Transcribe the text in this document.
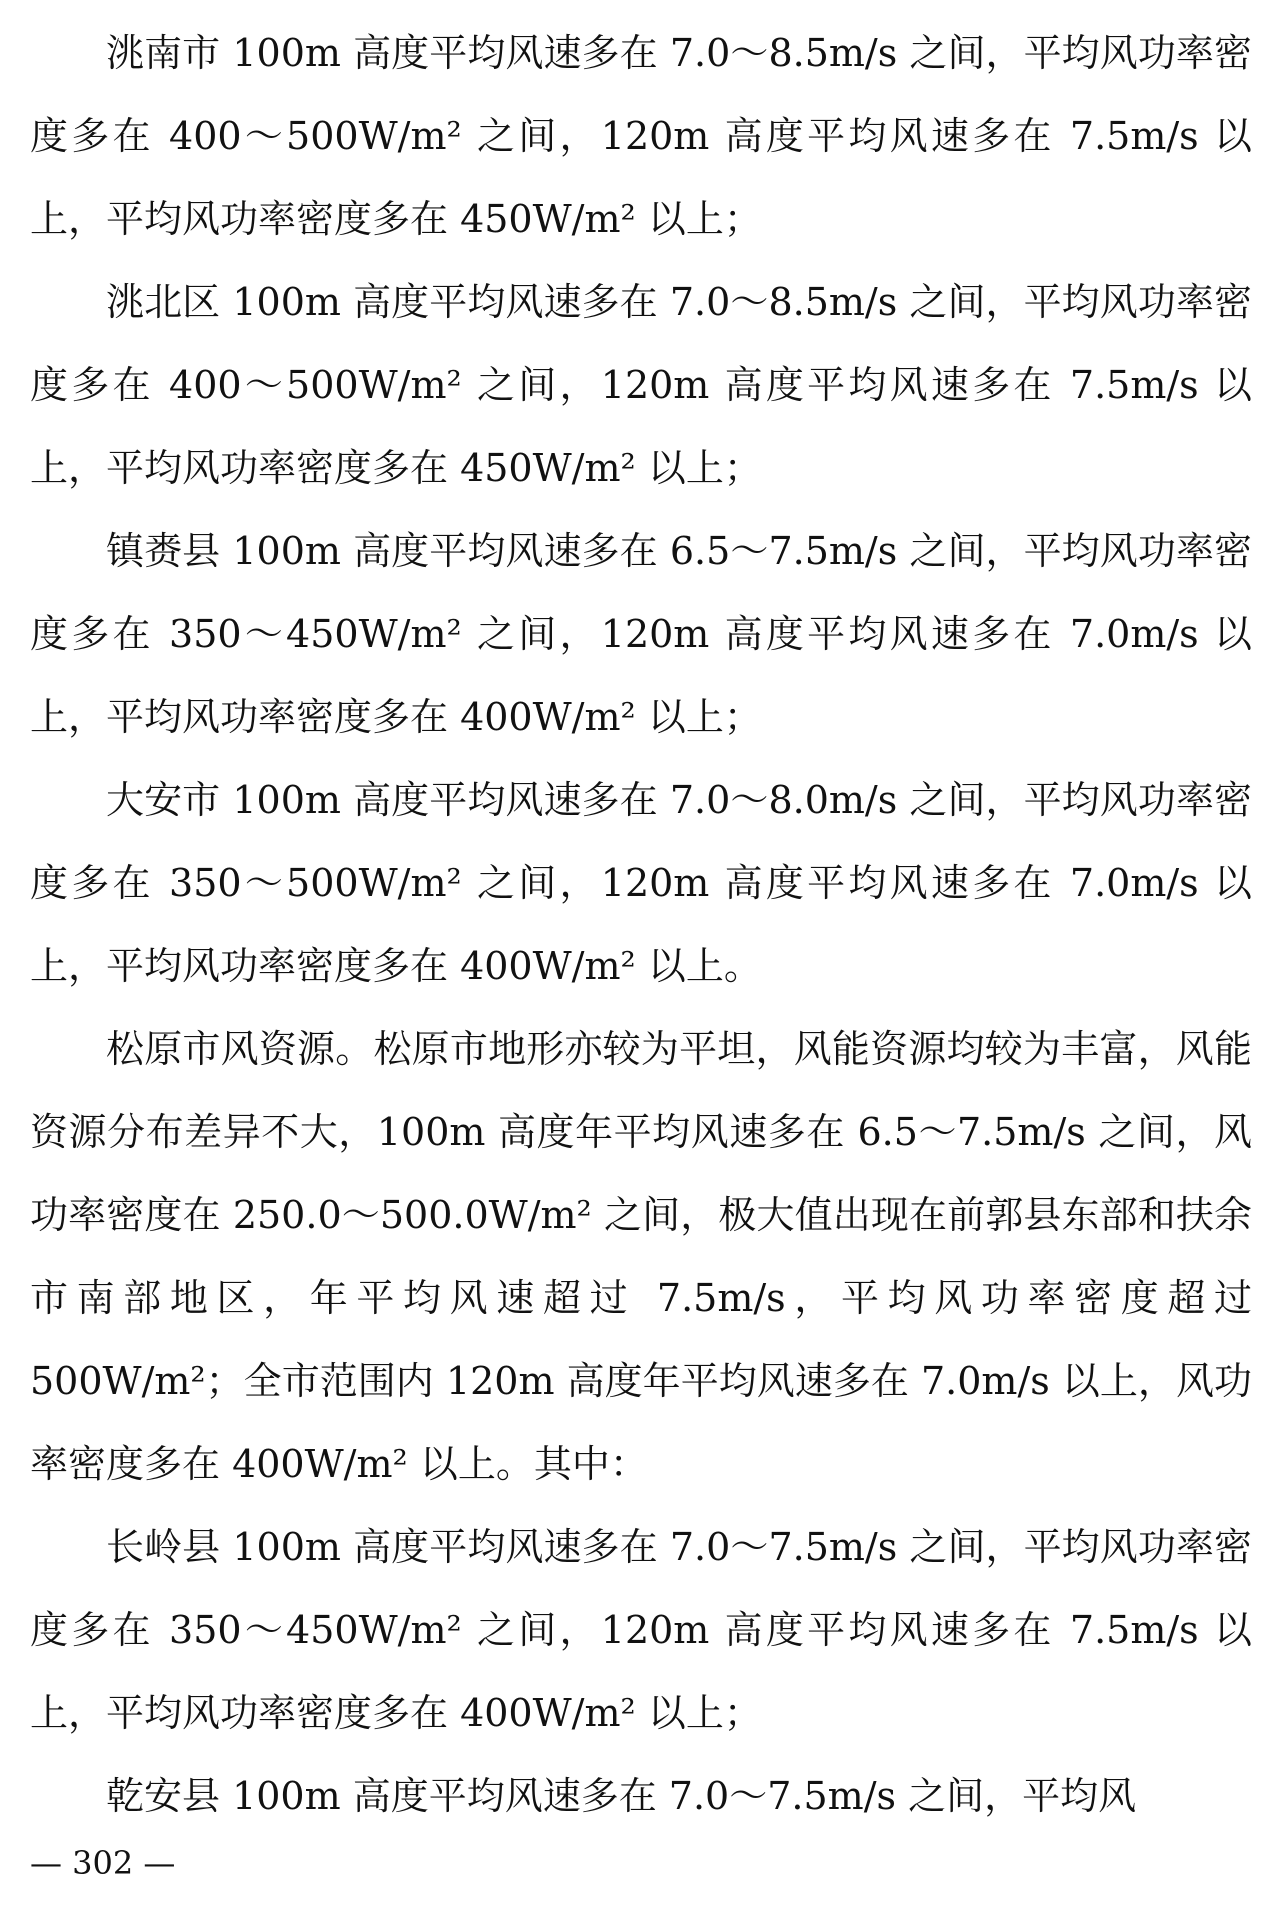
洮南市 100m 高度平均风速多在 7.0～8.5m/s 之间，平均风功率密度多在 400～500W/m² 之间，120m 高度平均风速多在 7.5m/s 以上，平均风功率密度多在 450W/m² 以上；

洮北区 100m 高度平均风速多在 7.0～8.5m/s 之间，平均风功率密度多在 400～500W/m² 之间，120m 高度平均风速多在 7.5m/s 以上，平均风功率密度多在 450W/m² 以上；

镇赉县 100m 高度平均风速多在 6.5～7.5m/s 之间，平均风功率密度多在 350～450W/m² 之间，120m 高度平均风速多在 7.0m/s 以上，平均风功率密度多在 400W/m² 以上；

大安市 100m 高度平均风速多在 7.0～8.0m/s 之间，平均风功率密度多在 350～500W/m² 之间，120m 高度平均风速多在 7.0m/s 以上，平均风功率密度多在 400W/m² 以上。

松原市风资源。松原市地形亦较为平坦，风能资源均较为丰富，风能资源分布差异不大，100m 高度年平均风速多在 6.5～7.5m/s 之间，风功率密度在 250.0～500.0W/m² 之间，极大值出现在前郭县东部和扶余市南部地区，年平均风速超过 7.5m/s，平均风功率密度超过 500W/m²；全市范围内 120m 高度年平均风速多在 7.0m/s 以上，风功率密度多在 400W/m² 以上。其中：

长岭县 100m 高度平均风速多在 7.0～7.5m/s 之间，平均风功率密度多在 350～450W/m² 之间，120m 高度平均风速多在 7.5m/s 以上，平均风功率密度多在 400W/m² 以上；

乾安县 100m 高度平均风速多在 7.0～7.5m/s 之间，平均风

— 302 —
